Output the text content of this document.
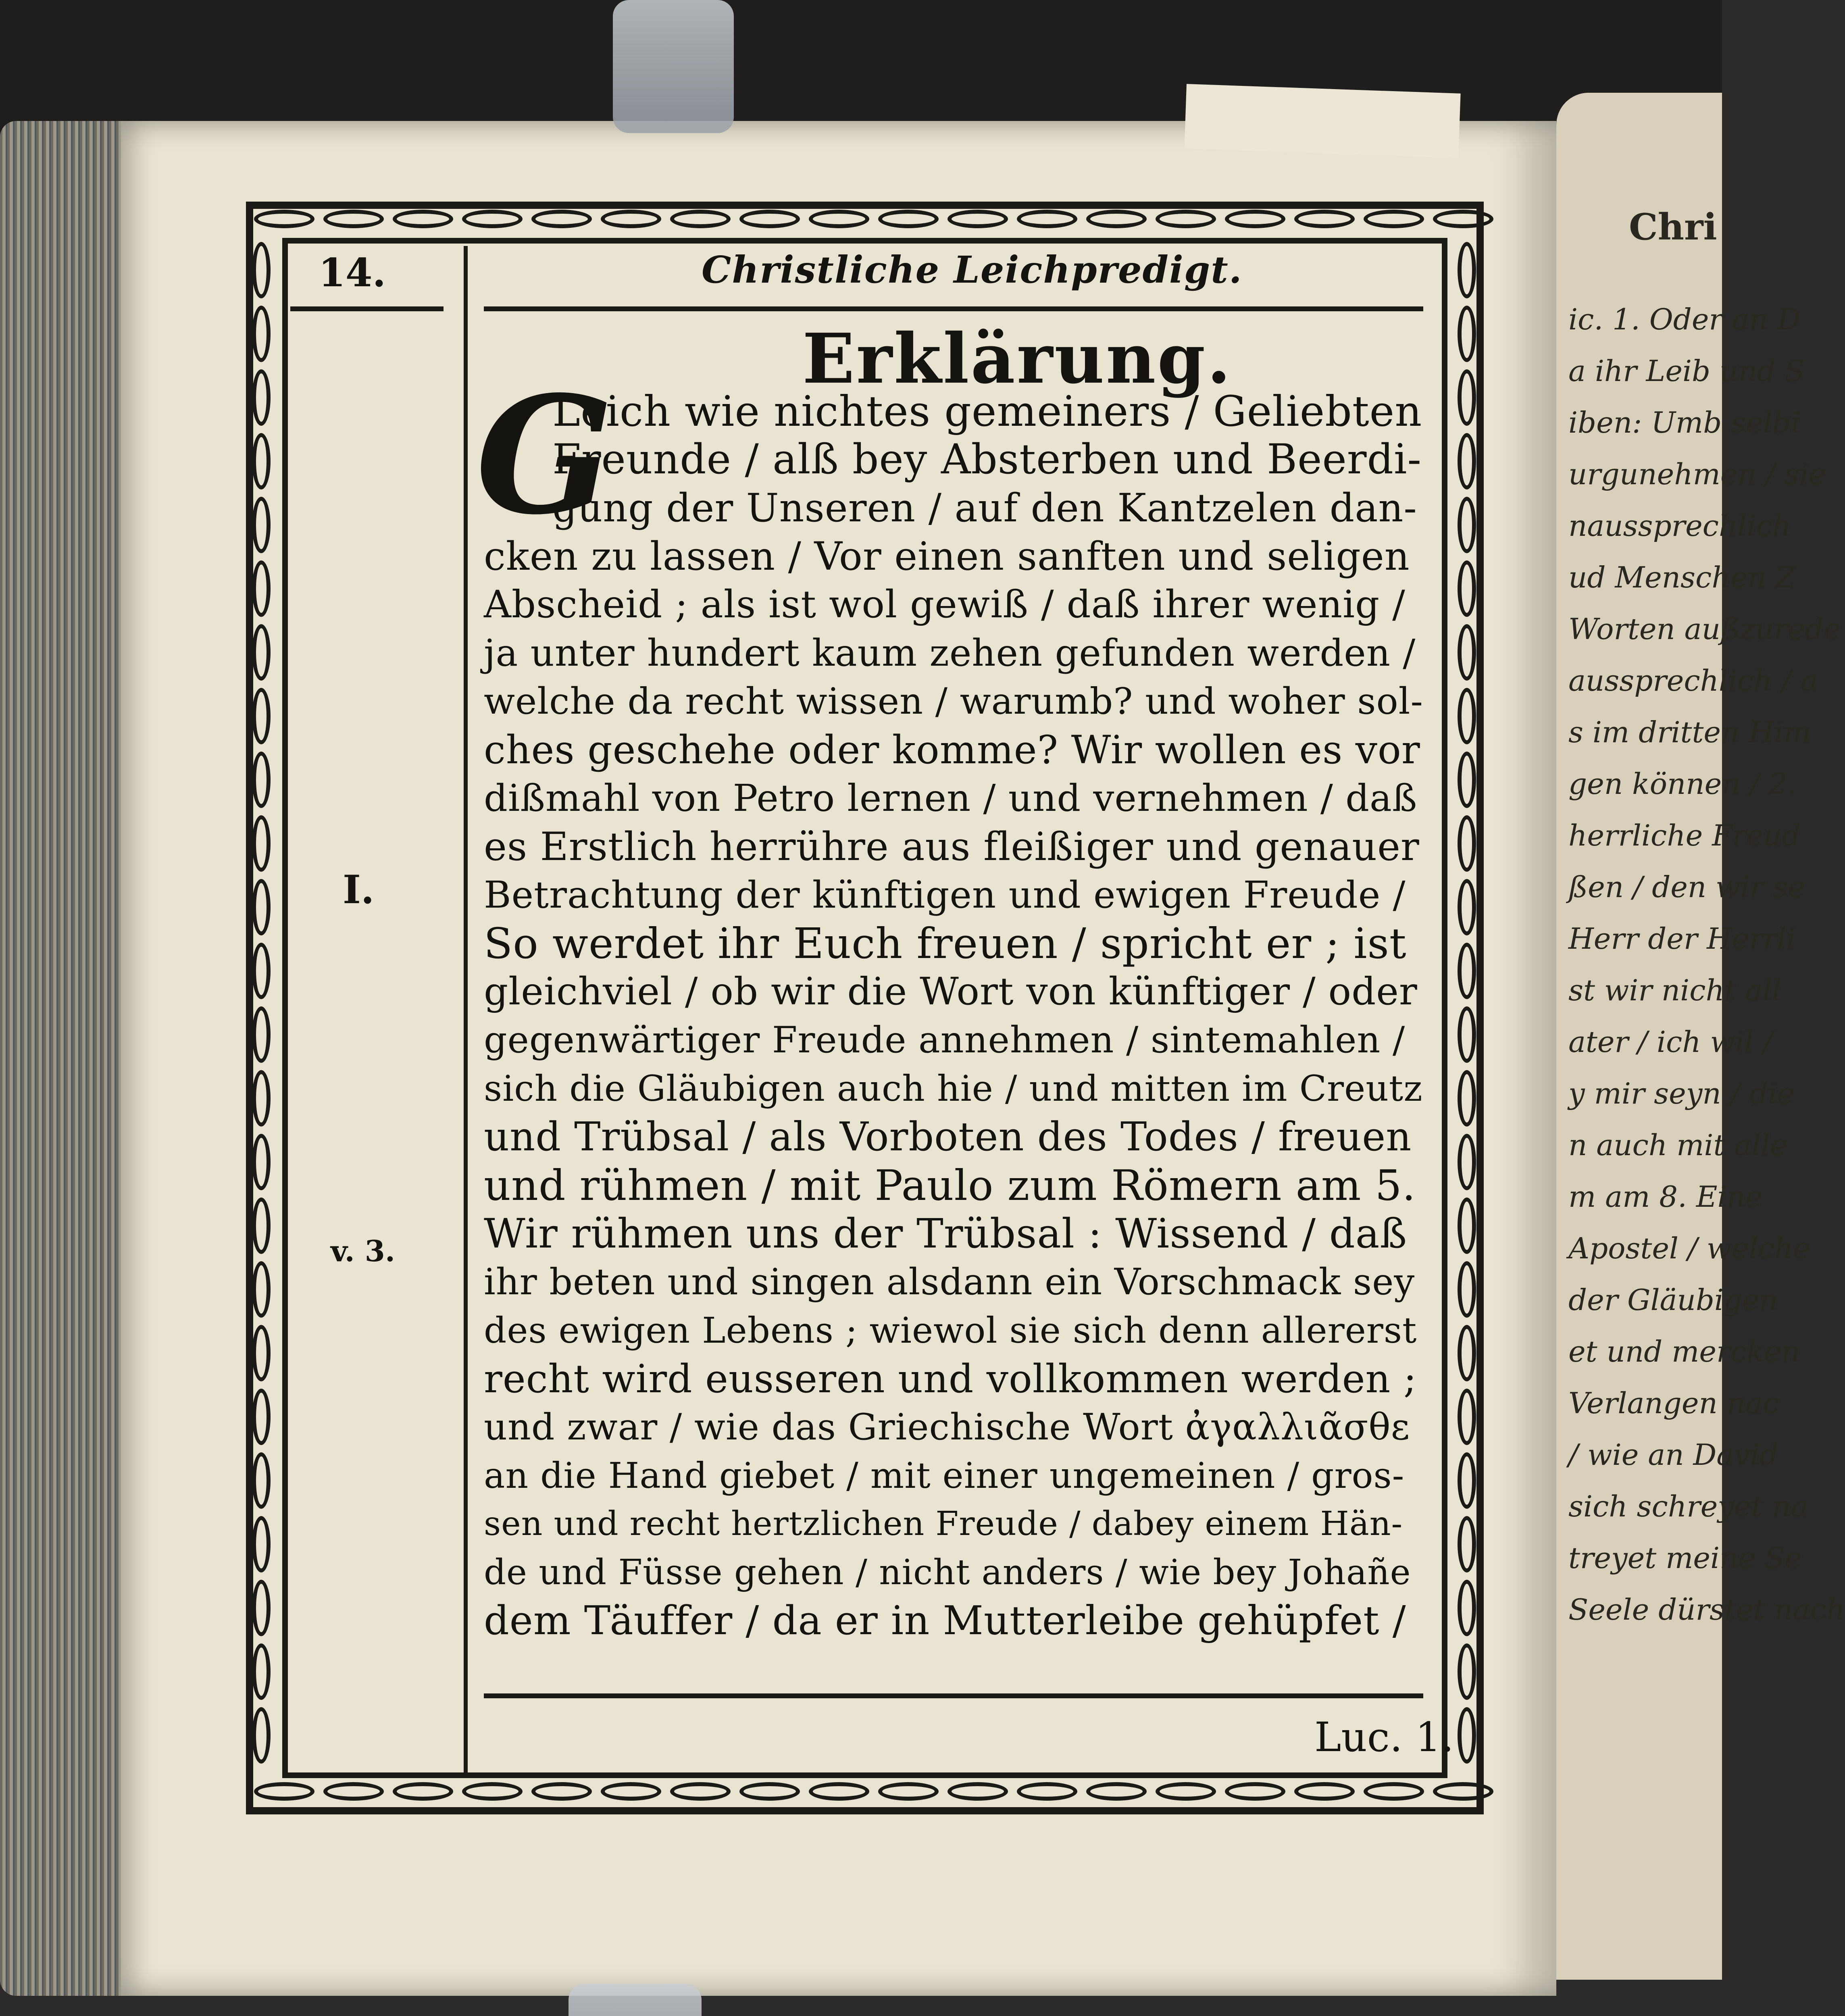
Chri
ic. 1. Oder an D
a ihr Leib und S
iben: Umb selbi
urgunehmen / sie
naussprechlich
ud Menschen Z
Worten außzurede
aussprechlich / a
s im dritten Him
gen können / 2.
herrliche Freud
ßen / den wir se
Herr der Herrli
st wir nicht all
ater / ich wil /
y mir seyn / die
n auch mit alle
m am 8. Eine
Apostel / welche
der Gläubigen
et und mercken
Verlangen nac
/ wie an David
sich schreyet na
treyet meine Se
Seele dürstet nach
14.	Christliche Leichpredigt.
Erklärung.
G
Leich wie nichtes gemeiners / Geliebten
Freunde / alß bey Absterben und Beerdi-
gung der Unseren / auf den Kantzelen dan-
cken zu lassen / Vor einen sanften und seligen
Abscheid ; als ist wol gewiß / daß ihrer wenig /
ja unter hundert kaum zehen gefunden werden /
welche da recht wissen / warumb? und woher sol-
ches geschehe oder komme? Wir wollen es vor
dißmahl von Petro lernen / und vernehmen / daß
es Erstlich herrühre aus fleißiger und genauer
Betrachtung der künftigen und ewigen Freude /
So werdet ihr Euch freuen / spricht er ; ist
gleichviel / ob wir die Wort von künftiger / oder
gegenwärtiger Freude annehmen / sintemahlen /
sich die Gläubigen auch hie / und mitten im Creutz
und Trübsal / als Vorboten des Todes / freuen
und rühmen / mit Paulo zum Römern am 5.
Wir rühmen uns der Trübsal : Wissend / daß
ihr beten und singen alsdann ein Vorschmack sey
des ewigen Lebens ; wiewol sie sich denn allererst
recht wird eusseren und vollkommen werden ;
und zwar / wie das Griechische Wort ἀγαλλιᾶσθε
an die Hand giebet / mit einer ungemeinen / gros-
sen und recht hertzlichen Freude / dabey einem Hän-
de und Füsse gehen / nicht anders / wie bey Johañe
dem Täuffer / da er in Mutterleibe gehüpfet /
I.
v. 3.
Luc. 1.
